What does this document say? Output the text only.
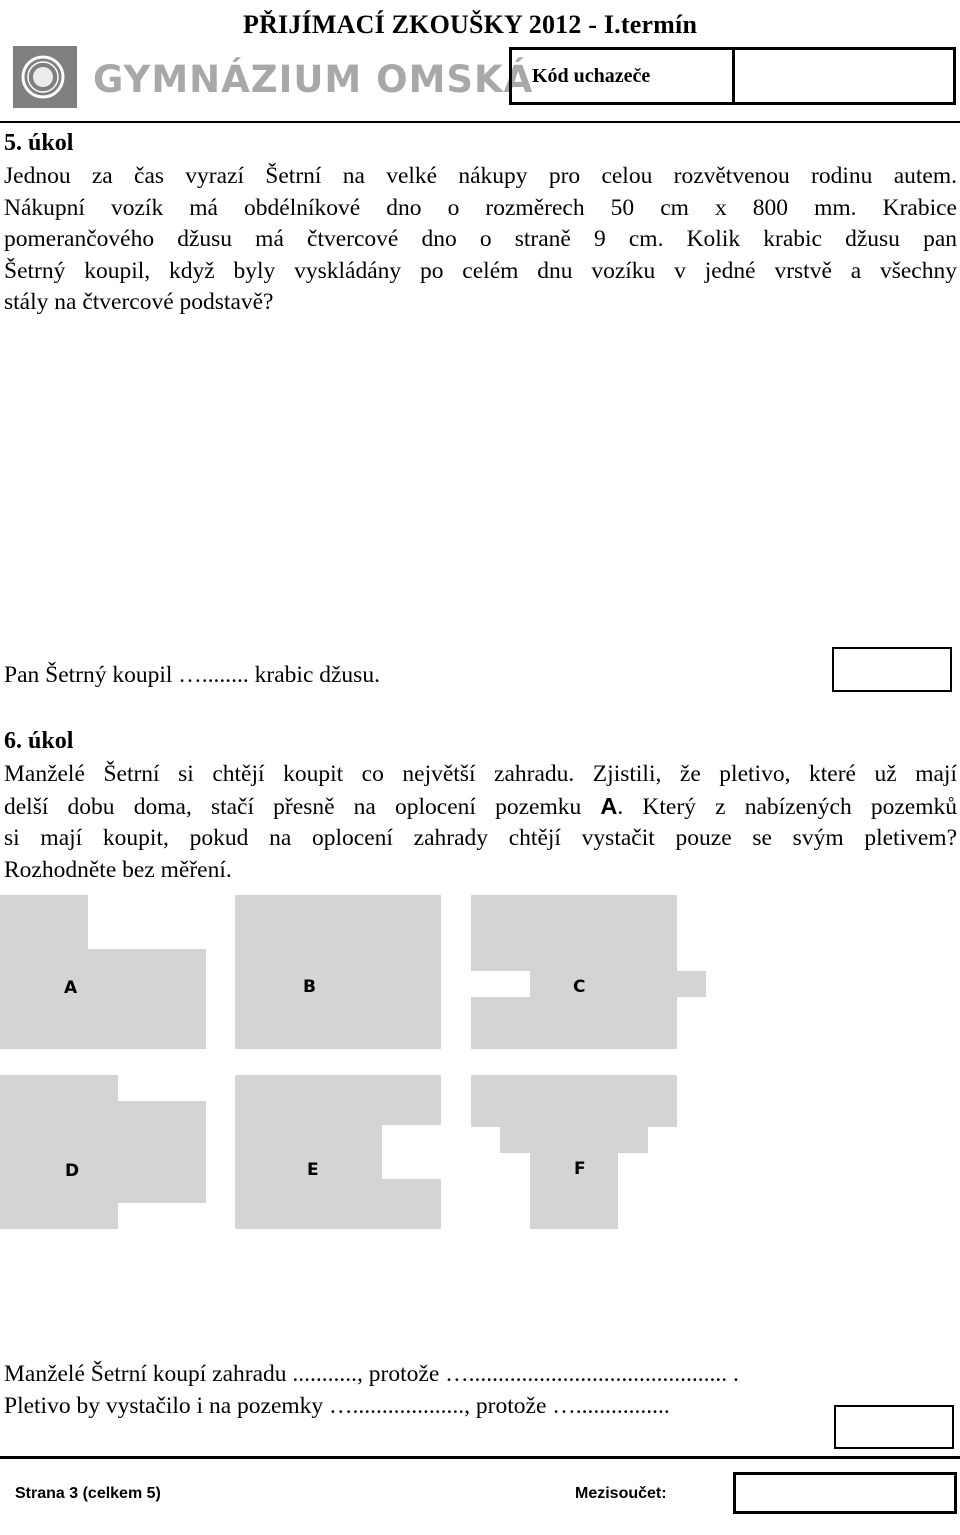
PŘIJÍMACÍ ZKOUŠKY 2012 - I.termín
GYMNÁZIUM OMSKÁ
Kód uchazeče
5. úkol
Jednou za čas vyrazí Šetrní na velké nákupy pro celou rozvětvenou rodinu autem.
Nákupní vozík má obdélníkové dno o rozměrech 50 cm x 800 mm. Krabice
pomerančového džusu má čtvercové dno o straně 9 cm. Kolik krabic džusu pan
Šetrný koupil, když byly vyskládány po celém dnu vozíku v jedné vrstvě a všechny
stály na čtvercové podstavě?
Pan Šetrný koupil …........ krabic džusu.
6. úkol
Manželé Šetrní si chtějí koupit co největší zahradu. Zjistili, že pletivo, které už mají
delší dobu doma, stačí přesně na oplocení pozemku A. Který z nabízených pozemků
si mají koupit, pokud na oplocení zahrady chtějí vystačit pouze se svým pletivem?
Rozhodněte bez měření.
A	B	C
D	E	F
Manželé Šetrní koupí zahradu ..........., protože …............................................ .
Pletivo by vystačilo i na pozemky …..................., protože …................
Strana 3 (celkem 5)	Mezisoučet:
